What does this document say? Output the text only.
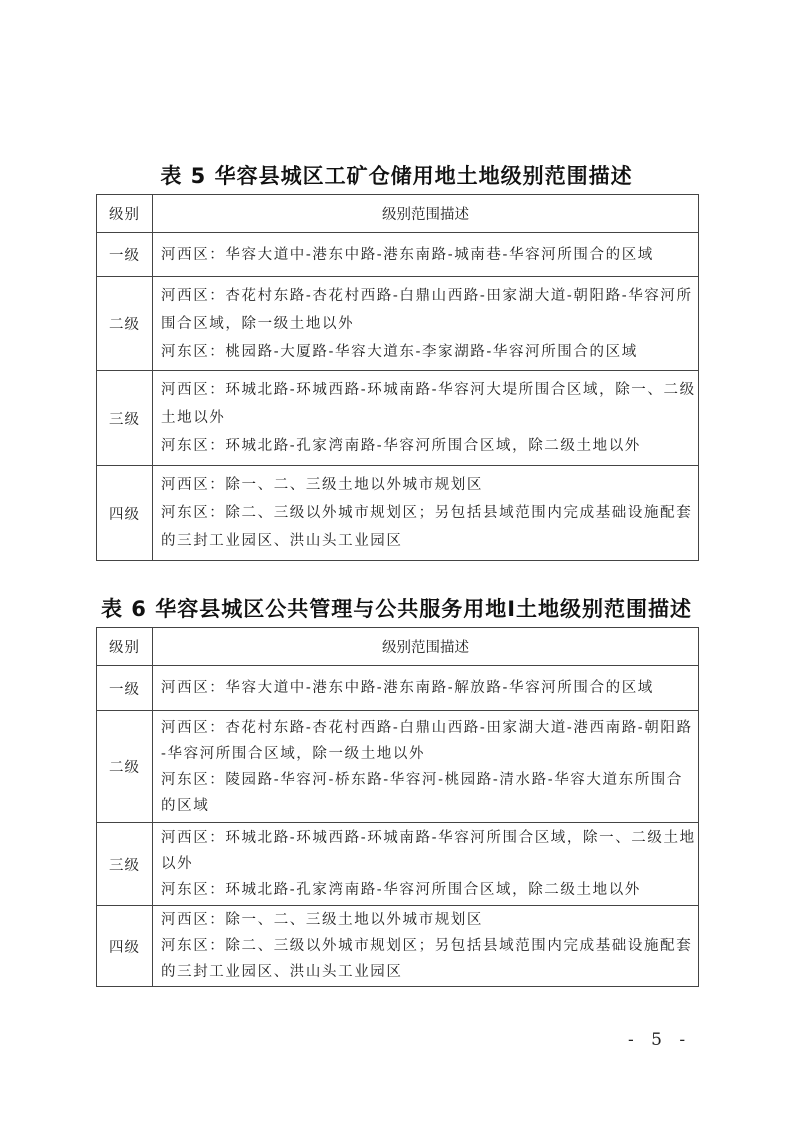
表 5 华容县城区工矿仓储用地土地级别范围描述
级别	级别范围描述
一级	河西区：华容大道中-港东中路-港东南路-城南巷-华容河所围合的区域

二级	河西区：杏花村东路-杏花村西路-白鼎山西路-田家湖大道-朝阳路-华容河所
围合区域，除一级土地以外
河东区：桃园路-大厦路-华容大道东-李家湖路-华容河所围合的区域

三级	河西区：环城北路-环城西路-环城南路-华容河大堤所围合区域，除一、二级
土地以外
河东区：环城北路-孔家湾南路-华容河所围合区域，除二级土地以外

四级	河西区：除一、二、三级土地以外城市规划区
河东区：除二、三级以外城市规划区；另包括县域范围内完成基础设施配套
的三封工业园区、洪山头工业园区
表 6 华容县城区公共管理与公共服务用地Ⅰ土地级别范围描述
级别	级别范围描述
一级	河西区：华容大道中-港东中路-港东南路-解放路-华容河所围合的区域

二级	河西区：杏花村东路-杏花村西路-白鼎山西路-田家湖大道-港西南路-朝阳路
-华容河所围合区域，除一级土地以外
河东区：陵园路-华容河-桥东路-华容河-桃园路-清水路-华容大道东所围合
的区域

三级	河西区：环城北路-环城西路-环城南路-华容河所围合区域，除一、二级土地
以外
河东区：环城北路-孔家湾南路-华容河所围合区域，除二级土地以外

四级	河西区：除一、二、三级土地以外城市规划区
河东区：除二、三级以外城市规划区；另包括县域范围内完成基础设施配套
的三封工业园区、洪山头工业园区
- 5 -
